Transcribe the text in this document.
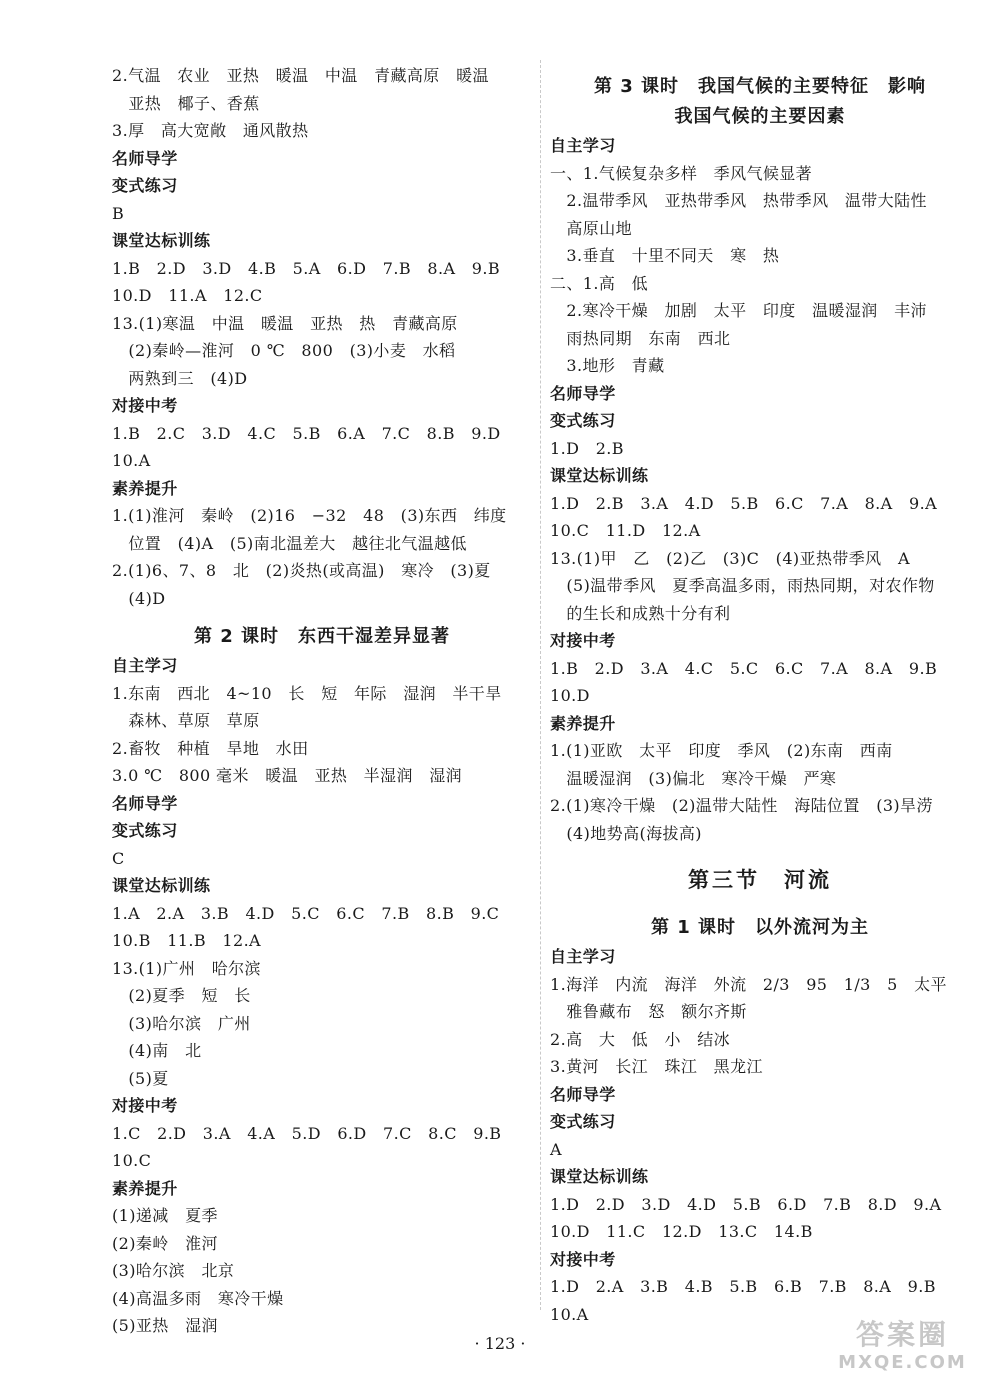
2.气温　农业　亚热　暖温　中温　青藏高原　暖温
　亚热　椰子、香蕉
3.厚　高大宽敞　通风散热
名师导学
变式练习
B
课堂达标训练
1.B　2.D　3.D　4.B　5.A　6.D　7.B　8.A　9.B
10.D　11.A　12.C
13.(1)寒温　中温　暖温　亚热　热　青藏高原
　(2)秦岭—淮河　0 ℃　800　(3)小麦　水稻
　两熟到三　(4)D
对接中考
1.B　2.C　3.D　4.C　5.B　6.A　7.C　8.B　9.D
10.A
素养提升
1.(1)淮河　秦岭　(2)16　−32　48　(3)东西　纬度
　位置　(4)A　(5)南北温差大　越往北气温越低
2.(1)6、7、8　北　(2)炎热(或高温)　寒冷　(3)夏
　(4)D
第 2 课时　东西干湿差异显著
自主学习
1.东南　西北　4~10　长　短　年际　湿润　半干旱
　森林、草原　草原
2.畜牧　种植　旱地　水田
3.0 ℃　800 毫米　暖温　亚热　半湿润　湿润
名师导学
变式练习
C
课堂达标训练
1.A　2.A　3.B　4.D　5.C　6.C　7.B　8.B　9.C
10.B　11.B　12.A
13.(1)广州　哈尔滨
　(2)夏季　短　长
　(3)哈尔滨　广州
　(4)南　北
　(5)夏
对接中考
1.C　2.D　3.A　4.A　5.D　6.D　7.C　8.C　9.B
10.C
素养提升
(1)递减　夏季
(2)秦岭　淮河
(3)哈尔滨　北京
(4)高温多雨　寒冷干燥
(5)亚热　湿润
第 3 课时　我国气候的主要特征　影响
我国气候的主要因素
自主学习
一、1.气候复杂多样　季风气候显著
　2.温带季风　亚热带季风　热带季风　温带大陆性
　高原山地
　3.垂直　十里不同天　寒　热
二、1.高　低
　2.寒冷干燥　加剧　太平　印度　温暖湿润　丰沛
　雨热同期　东南　西北
　3.地形　青藏
名师导学
变式练习
1.D　2.B
课堂达标训练
1.D　2.B　3.A　4.D　5.B　6.C　7.A　8.A　9.A
10.C　11.D　12.A
13.(1)甲　乙　(2)乙　(3)C　(4)亚热带季风　A
　(5)温带季风　夏季高温多雨，雨热同期，对农作物
　的生长和成熟十分有利
对接中考
1.B　2.D　3.A　4.C　5.C　6.C　7.A　8.A　9.B
10.D
素养提升
1.(1)亚欧　太平　印度　季风　(2)东南　西南
　温暖湿润　(3)偏北　寒冷干燥　严寒
2.(1)寒冷干燥　(2)温带大陆性　海陆位置　(3)旱涝
　(4)地势高(海拔高)
第三节　河流
第 1 课时　以外流河为主
自主学习
1.海洋　内流　海洋　外流　2/3　95　1/3　5　太平
　雅鲁藏布　怒　额尔齐斯
2.高　大　低　小　结冰
3.黄河　长江　珠江　黑龙江
名师导学
变式练习
A
课堂达标训练
1.D　2.D　3.D　4.D　5.B　6.D　7.B　8.D　9.A
10.D　11.C　12.D　13.C　14.B
对接中考
1.D　2.A　3.B　4.B　5.B　6.B　7.B　8.A　9.B
10.A
· 123 ·	答案圈
MXQE.COM
